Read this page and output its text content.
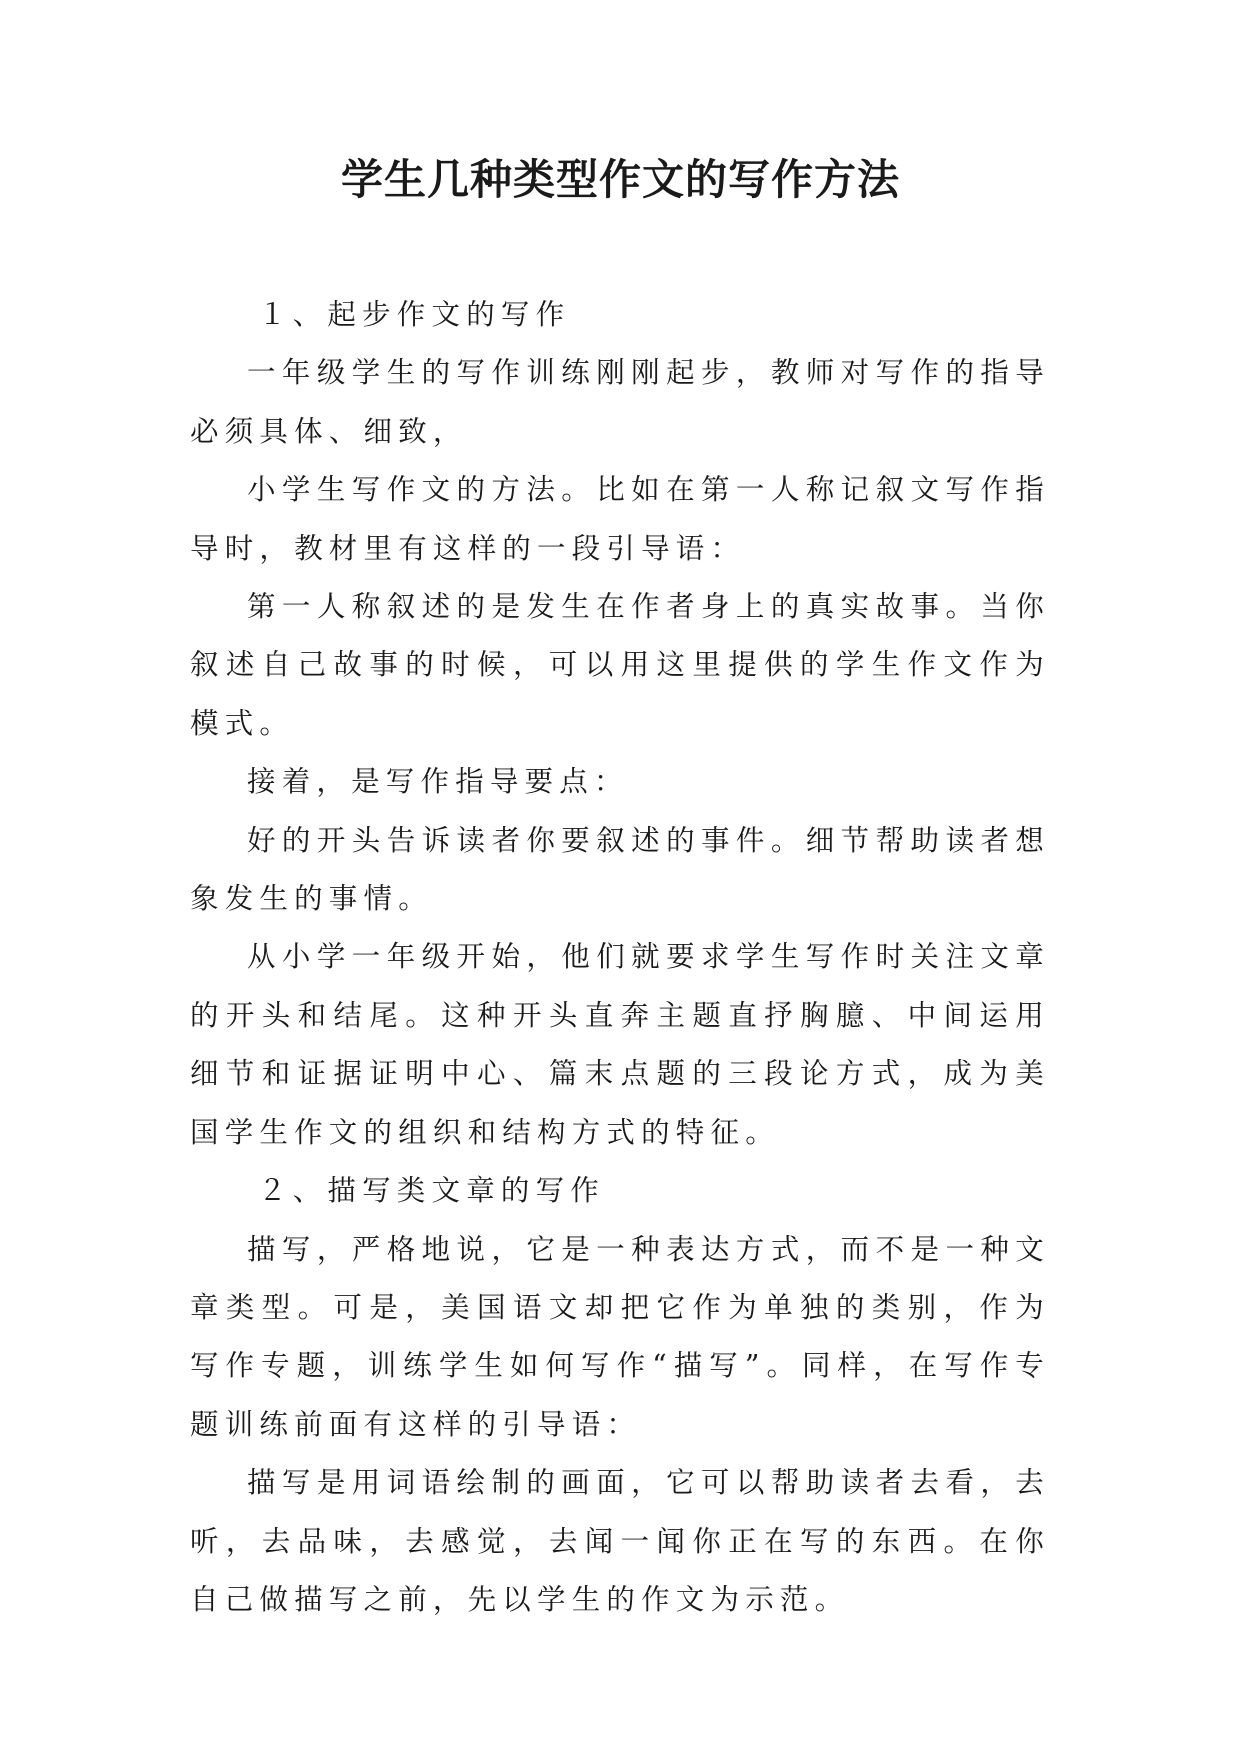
学生几种类型作文的写作方法

１、起步作文的写作

一年级学生的写作训练刚刚起步，教师对写作的指导必须具体、细致，

小学生写作文的方法。比如在第一人称记叙文写作指导时，教材里有这样的一段引导语：

第一人称叙述的是发生在作者身上的真实故事。当你叙述自己故事的时候，可以用这里提供的学生作文作为模式。

接着，是写作指导要点：

好的开头告诉读者你要叙述的事件。细节帮助读者想象发生的事情。

从小学一年级开始，他们就要求学生写作时关注文章的开头和结尾。这种开头直奔主题直抒胸臆、中间运用细节和证据证明中心、篇末点题的三段论方式，成为美国学生作文的组织和结构方式的特征。

２、描写类文章的写作

描写，严格地说，它是一种表达方式，而不是一种文章类型。可是，美国语文却把它作为单独的类别，作为写作专题，训练学生如何写作“描写”。同样，在写作专题训练前面有这样的引导语：

描写是用词语绘制的画面，它可以帮助读者去看，去听，去品味，去感觉，去闻一闻你正在写的东西。在你自己做描写之前，先以学生的作文为示范。
